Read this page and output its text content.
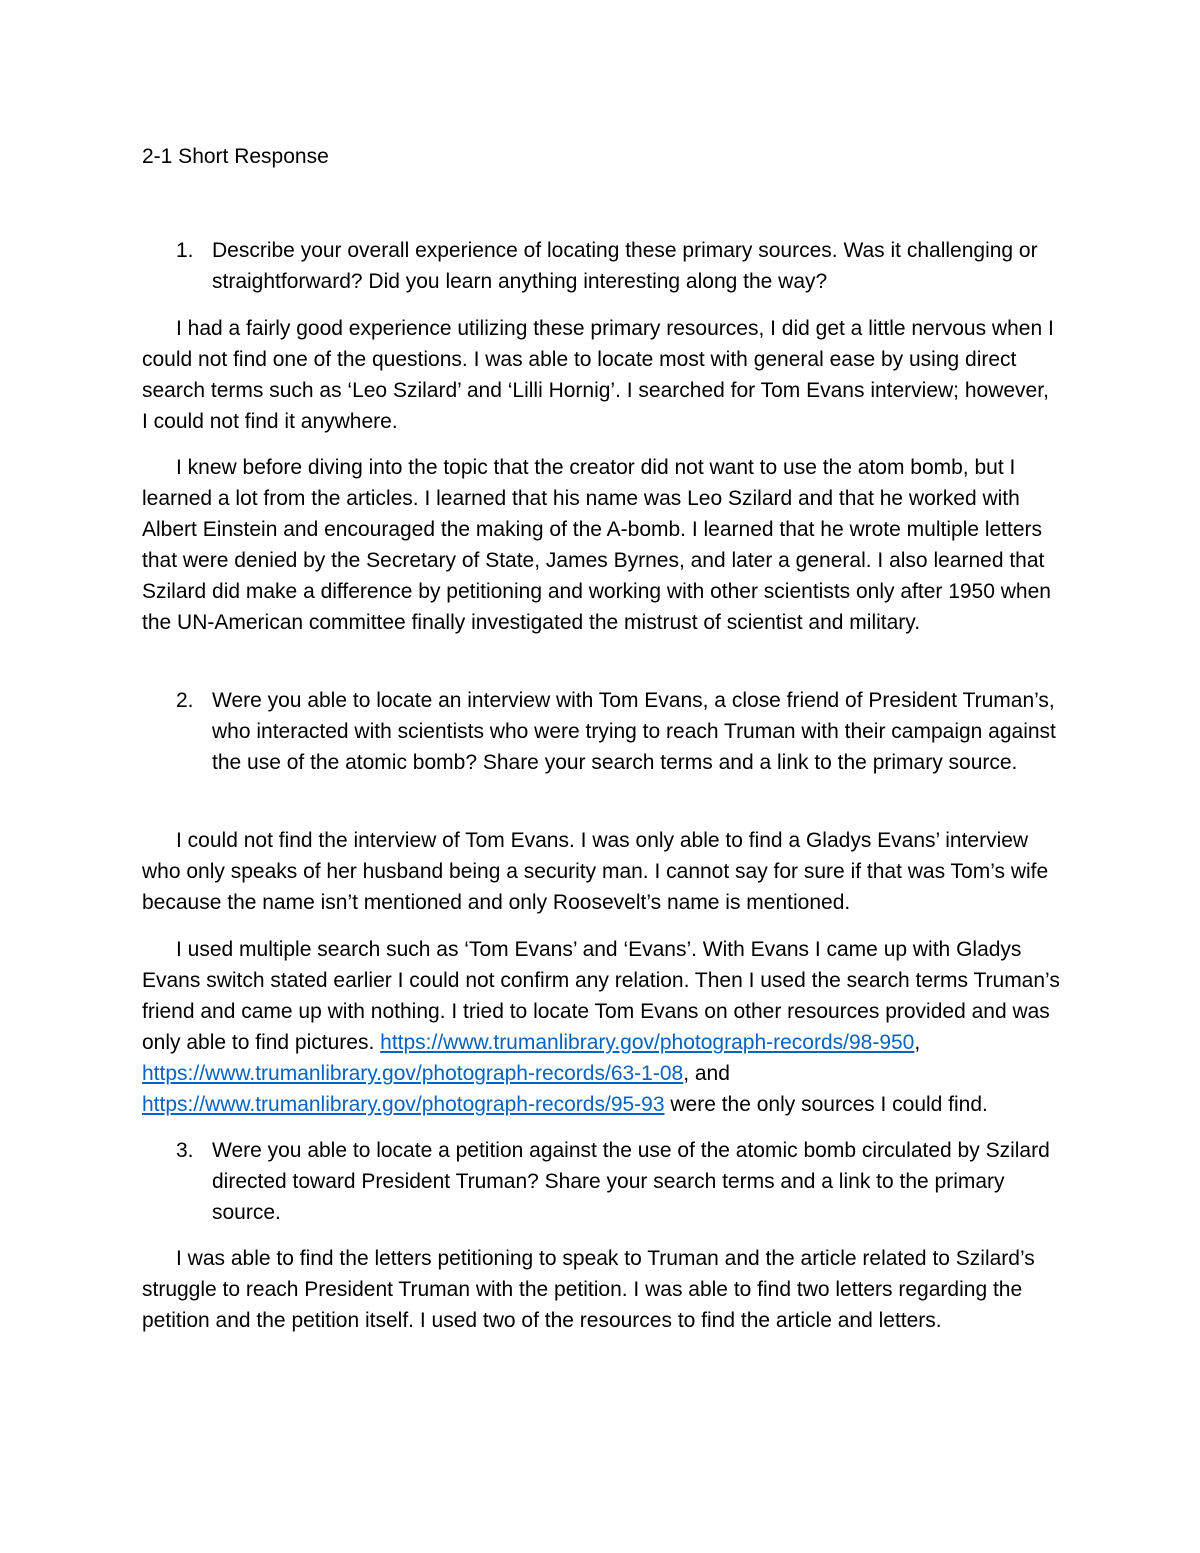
2-1 Short Response
1. Describe your overall experience of locating these primary sources. Was it challenging or straightforward? Did you learn anything interesting along the way?
I had a fairly good experience utilizing these primary resources, I did get a little nervous when I could not find one of the questions. I was able to locate most with general ease by using direct search terms such as ‘Leo Szilard’ and ‘Lilli Hornig’. I searched for Tom Evans interview; however, I could not find it anywhere.
I knew before diving into the topic that the creator did not want to use the atom bomb, but I learned a lot from the articles. I learned that his name was Leo Szilard and that he worked with Albert Einstein and encouraged the making of the A-bomb. I learned that he wrote multiple letters that were denied by the Secretary of State, James Byrnes, and later a general. I also learned that Szilard did make a difference by petitioning and working with other scientists only after 1950 when the UN-American committee finally investigated the mistrust of scientist and military.
2. Were you able to locate an interview with Tom Evans, a close friend of President Truman’s, who interacted with scientists who were trying to reach Truman with their campaign against the use of the atomic bomb? Share your search terms and a link to the primary source.
I could not find the interview of Tom Evans. I was only able to find a Gladys Evans’ interview who only speaks of her husband being a security man. I cannot say for sure if that was Tom’s wife because the name isn’t mentioned and only Roosevelt’s name is mentioned.
I used multiple search such as ‘Tom Evans’ and ‘Evans’. With Evans I came up with Gladys Evans switch stated earlier I could not confirm any relation. Then I used the search terms Truman’s friend and came up with nothing. I tried to locate Tom Evans on other resources provided and was only able to find pictures. https://www.trumanlibrary.gov/photograph-records/98-950, https://www.trumanlibrary.gov/photograph-records/63-1-08, and https://www.trumanlibrary.gov/photograph-records/95-93 were the only sources I could find.
3. Were you able to locate a petition against the use of the atomic bomb circulated by Szilard directed toward President Truman? Share your search terms and a link to the primary source.
I was able to find the letters petitioning to speak to Truman and the article related to Szilard’s struggle to reach President Truman with the petition. I was able to find two letters regarding the petition and the petition itself. I used two of the resources to find the article and letters.
